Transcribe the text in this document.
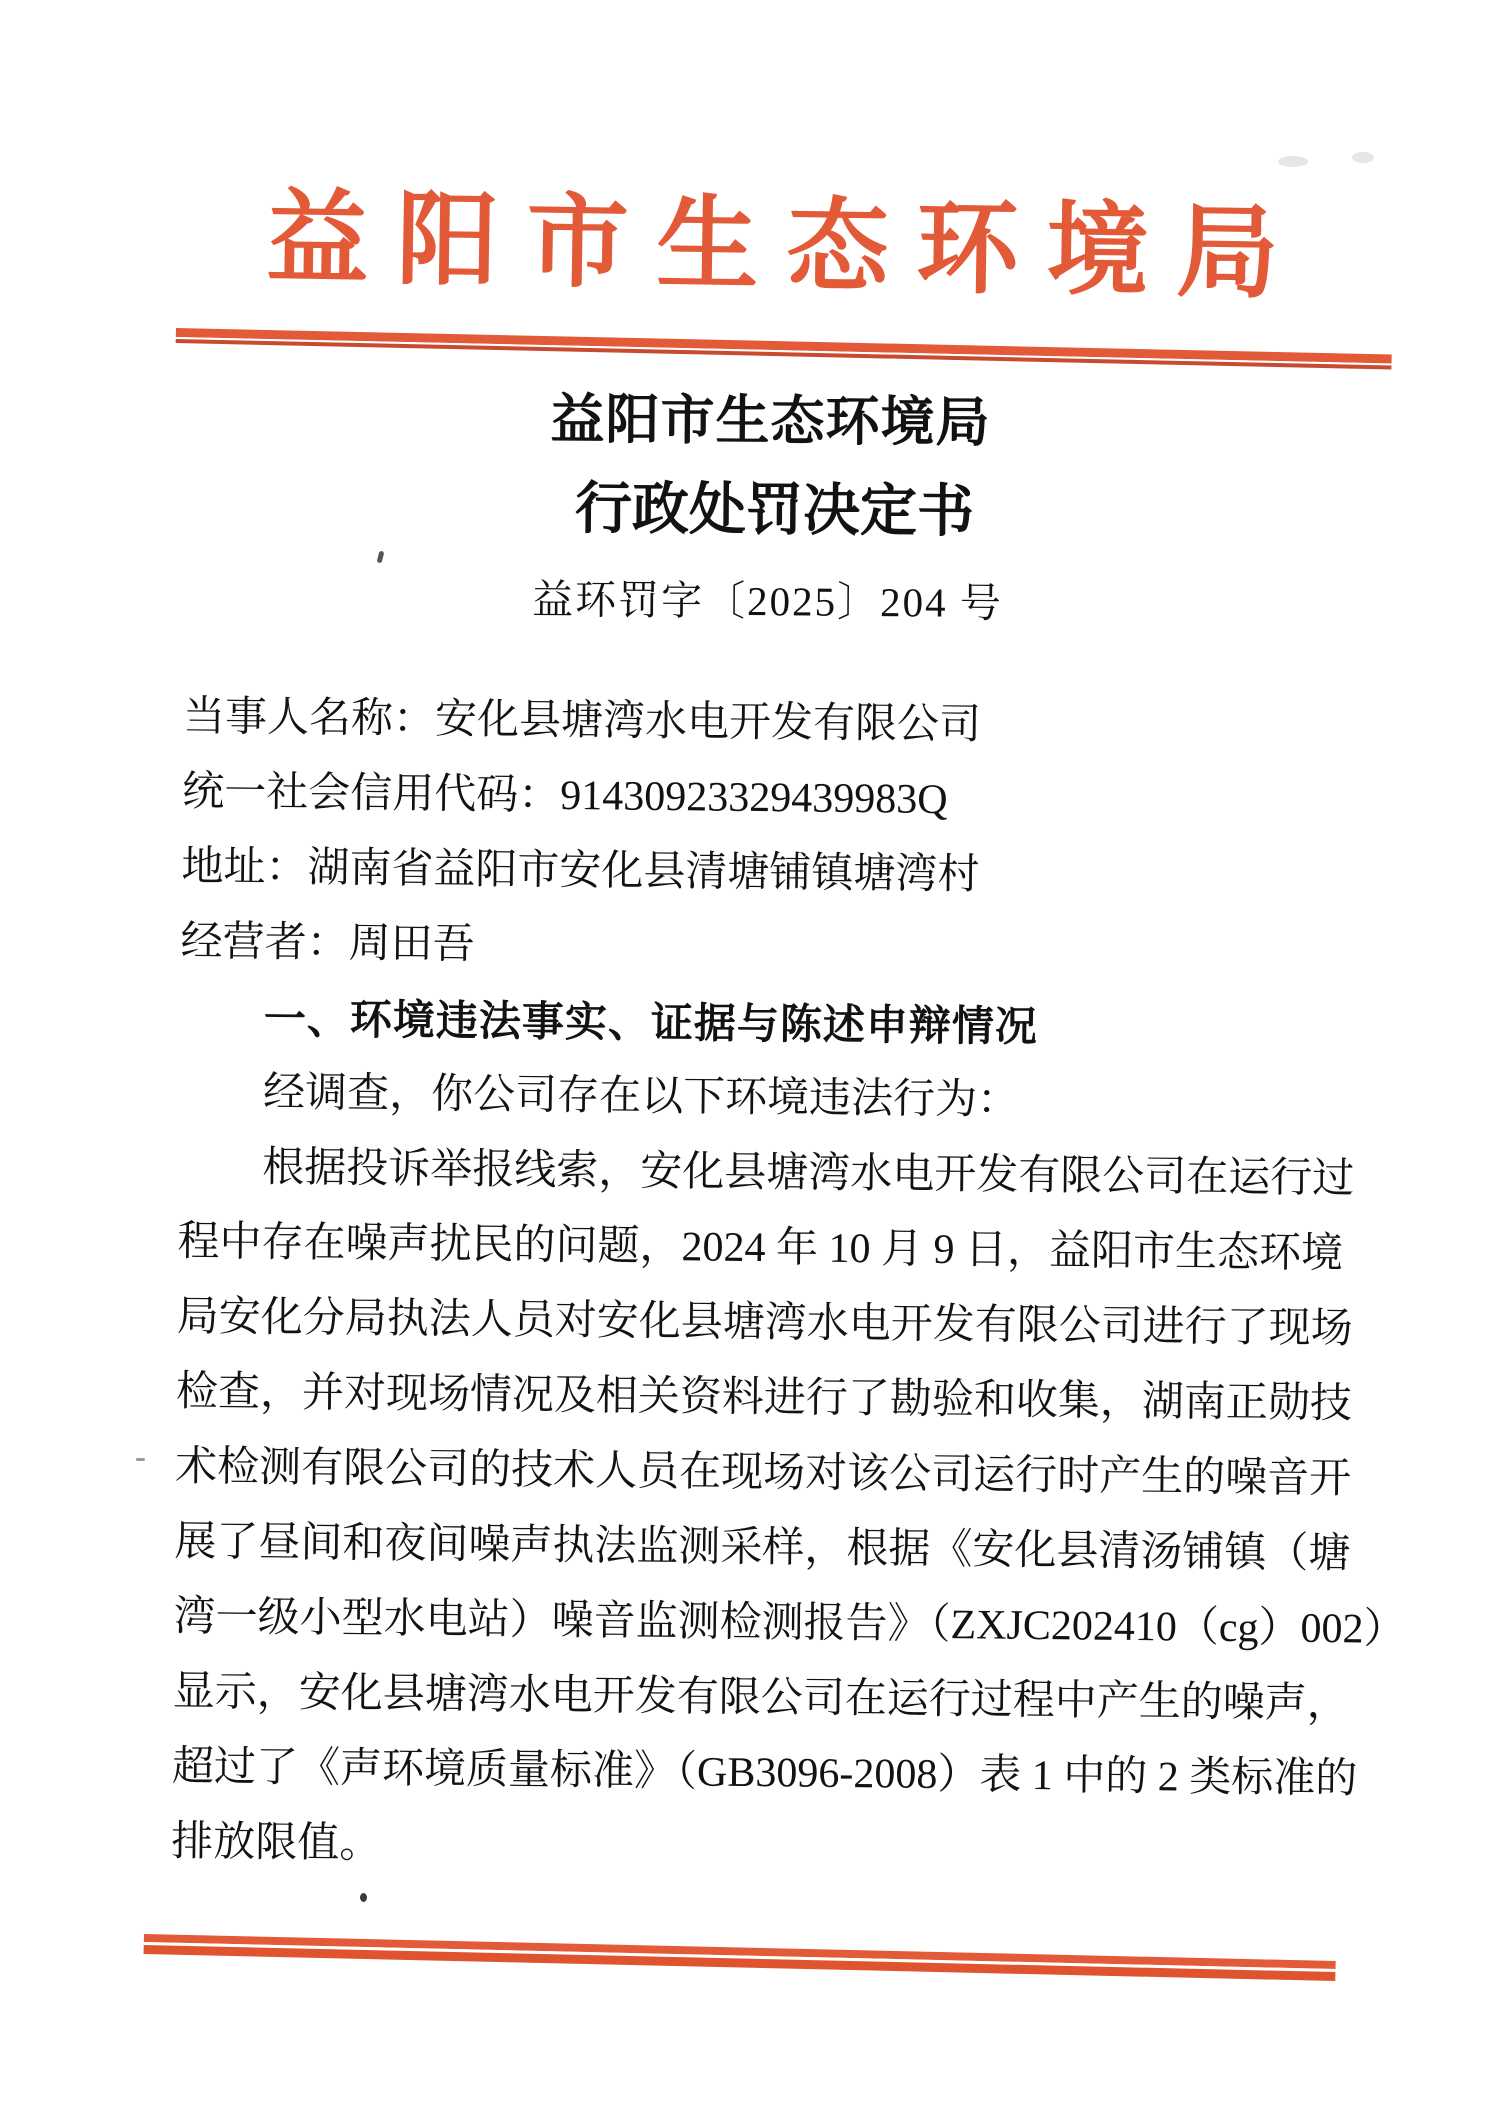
益阳市生态环境局
益阳市生态环境局
行政处罚决定书
益环罚字〔2025〕204 号
当事人名称：安化县塘湾水电开发有限公司
统一社会信用代码：91430923329439983Q
地址：湖南省益阳市安化县清塘铺镇塘湾村
经营者：周田吾
一、环境违法事实、证据与陈述申辩情况
经调查，你公司存在以下环境违法行为：
根据投诉举报线索，安化县塘湾水电开发有限公司在运行过
程中存在噪声扰民的问题，2024 年 10 月 9 日，益阳市生态环境
局安化分局执法人员对安化县塘湾水电开发有限公司进行了现场
检查，并对现场情况及相关资料进行了勘验和收集，湖南正勋技
术检测有限公司的技术人员在现场对该公司运行时产生的噪音开
展了昼间和夜间噪声执法监测采样，根据《安化县清汤铺镇（塘
湾一级小型水电站）噪音监测检测报告》（ZXJC202410（cg）002）
显示，安化县塘湾水电开发有限公司在运行过程中产生的噪声，
超过了《声环境质量标准》（GB3096-2008）表 1 中的 2 类标准的
排放限值。
